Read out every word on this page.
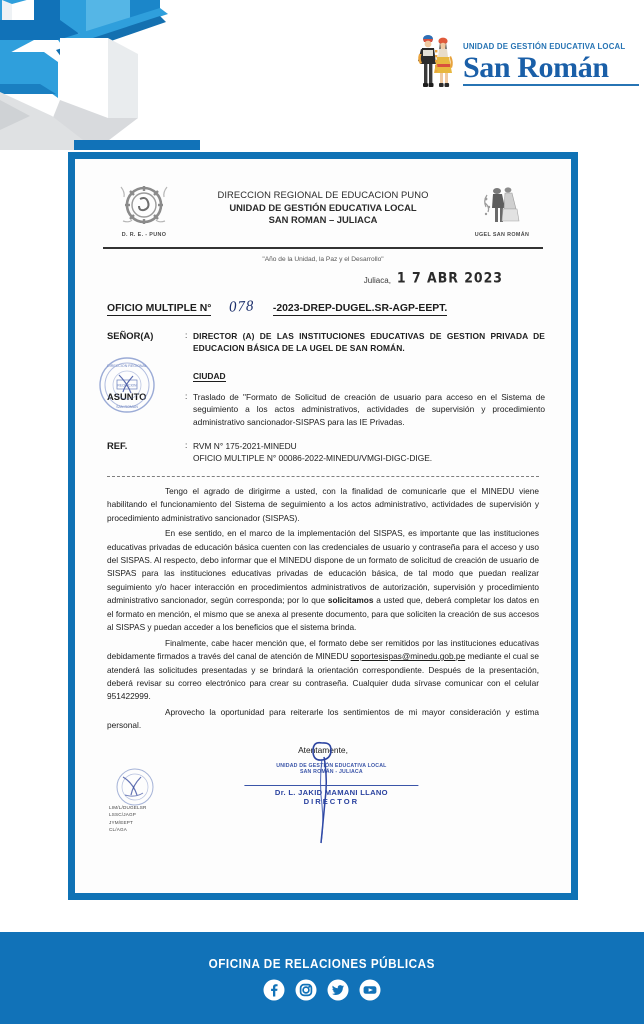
UNIDAD DE GESTIÓN EDUCATIVA LOCAL
San Román
DIRECCION REGIONAL
SAN ROMAN
RECEPCION
D. R. E. - PUNO
DIRECCION REGIONAL DE EDUCACION PUNO
UNIDAD DE GESTIÓN EDUCATIVA LOCAL
SAN ROMAN – JULIACA
UGEL SAN ROMÁN
"Año de la Unidad, la Paz y el Desarrollo"
Juliaca, 1 7 ABR 2023
OFICIO MULTIPLE N°	078	-2023-DREP-DUGEL.SR-AGP-EEPT.
SEÑOR(A)	: DIRECTOR (A) DE LAS INSTITUCIONES EDUCATIVAS DE GESTION PRIVADA DE EDUCACION BÁSICA DE LA UGEL DE SAN ROMÁN.
CIUDAD
ASUNTO	: Traslado de "Formato de Solicitud de creación de usuario para acceso en el Sistema de seguimiento a los actos administrativos, actividades de supervisión y procedimiento administrativo sancionador-SISPAS para las IE Privadas.
REF.	: RVM N° 175-2021-MINEDU
OFICIO MULTIPLE N° 00086-2022-MINEDU/VMGI-DIGC-DIGE.

Tengo el agrado de dirigirme a usted, con la finalidad de comunicarle que el MINEDU viene habilitando el funcionamiento del Sistema de seguimiento a los actos administrativo, actividades de supervisión y procedimiento administrativo sancionador (SISPAS).

En ese sentido, en el marco de la implementación del SISPAS, es importante que las instituciones educativas privadas de educación básica cuenten con las credenciales de usuario y contraseña para el acceso y uso del SISPAS. Al respecto, debo informar que el MINEDU dispone de un formato de solicitud de creación de usuario de SISPAS para las instituciones educativas privadas de educación básica, de tal modo que puedan realizar seguimiento y/o hacer interacción en procedimientos administrativos de autorización, supervisión y procedimiento administrativo sancionador, según corresponda; por lo que solicitamos a usted que, deberá completar los datos en el formato en mención, el mismo que se anexa al presente documento, para que soliciten la creación de sus accesos al SISPAS y puedan acceder a los beneficios que el sistema brinda.

Finalmente, cabe hacer mención que, el formato debe ser remitidos por las instituciones educativas debidamente firmados a través del canal de atención de MINEDU soportesispas@minedu.gob.pe mediante el cual se atenderá las solicitudes presentadas y se brindará la orientación correspondiente. Después de la presentación, deberá revisar su correo electrónico para crear su contraseña. Cualquier duda sírvase comunicar con el celular 951422999.

Aprovecho la oportunidad para reiterarle los sentimientos de mi mayor consideración y estima personal.

Atentamente,
UNIDAD DE GESTIÓN EDUCATIVA LOCAL
SAN ROMÁN - JULIACA
Dr. L. JAKID MAMANI LLANO
DIRECTOR
LIM/L/DUGELSR
LSSC/JAGP
JYM/EEPT
CL/AGA
OFICINA DE RELACIONES PÚBLICAS
